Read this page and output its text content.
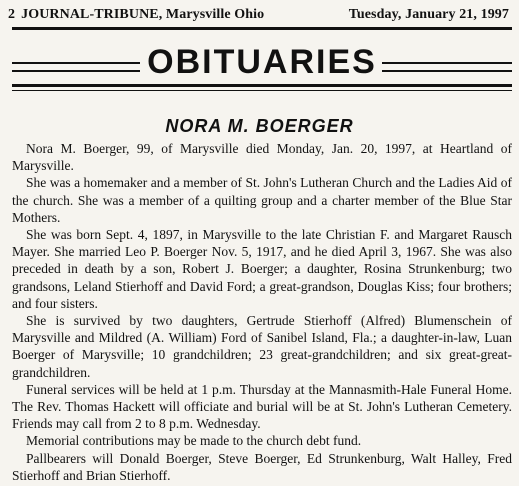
2 JOURNAL-TRIBUNE, Marysville Ohio	Tuesday, January 21, 1997
OBITUARIES
NORA M. BOERGER

Nora M. Boerger, 99, of Marysville died Monday, Jan. 20, 1997, at Heartland of Marysville.

She was a homemaker and a member of St. John's Lutheran Church and the Ladies Aid of the church. She was a member of a quilting group and a charter member of the Blue Star Mothers.

She was born Sept. 4, 1897, in Marysville to the late Christian F. and Margaret Rausch Mayer. She married Leo P. Boerger Nov. 5, 1917, and he died April 3, 1967. She was also preceded in death by a son, Robert J. Boerger; a daughter, Rosina Strunkenburg; two grandsons, Leland Stierhoff and David Ford; a great-grandson, Douglas Kiss; four brothers; and four sisters.

She is survived by two daughters, Gertrude Stierhoff (Alfred) Blumenschein of Marysville and Mildred (A. William) Ford of Sanibel Island, Fla.; a daughter-in-law, Luan Boerger of Marysville; 10 grandchildren; 23 great-grandchildren; and six great-great-grandchildren.

Funeral services will be held at 1 p.m. Thursday at the Mannasmith-Hale Funeral Home. The Rev. Thomas Hackett will officiate and burial will be at St. John's Lutheran Cemetery. Friends may call from 2 to 8 p.m. Wednesday.

Memorial contributions may be made to the church debt fund.

Pallbearers will Donald Boerger, Steve Boerger, Ed Strunkenburg, Walt Halley, Fred Stierhoff and Brian Stierhoff.
